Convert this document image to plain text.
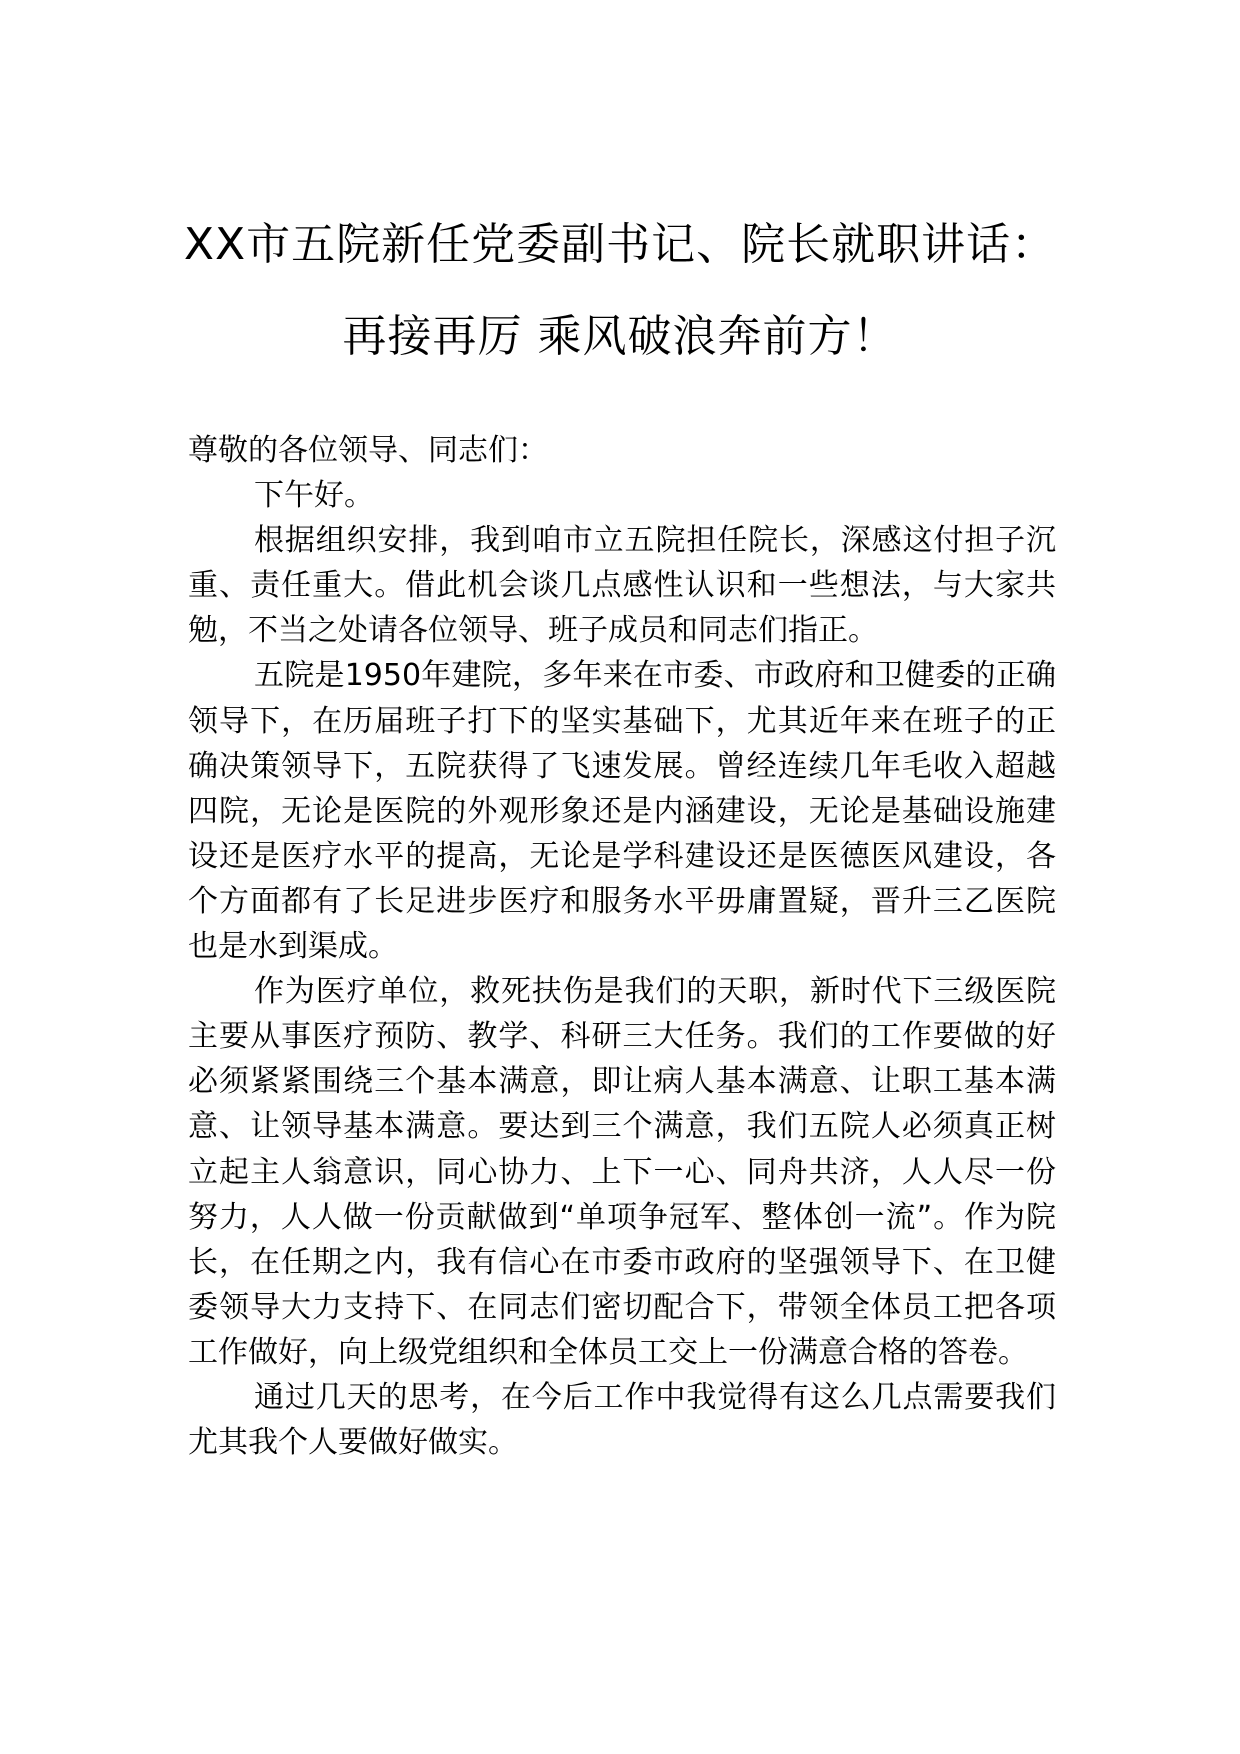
XX市五院新任党委副书记、院长就职讲话：
再接再厉 乘风破浪奔前方！

尊敬的各位领导、同志们：

下午好。

根据组织安排，我到咱市立五院担任院长，深感这付担子沉重、责任重大。借此机会谈几点感性认识和一些想法，与大家共勉，不当之处请各位领导、班子成员和同志们指正。

五院是1950年建院，多年来在市委、市政府和卫健委的正确领导下，在历届班子打下的坚实基础下，尤其近年来在班子的正确决策领导下，五院获得了飞速发展。曾经连续几年毛收入超越四院，无论是医院的外观形象还是内涵建设，无论是基础设施建设还是医疗水平的提高，无论是学科建设还是医德医风建设，各个方面都有了长足进步医疗和服务水平毋庸置疑，晋升三乙医院也是水到渠成。

作为医疗单位，救死扶伤是我们的天职，新时代下三级医院主要从事医疗预防、教学、科研三大任务。我们的工作要做的好必须紧紧围绕三个基本满意，即让病人基本满意、让职工基本满意、让领导基本满意。要达到三个满意，我们五院人必须真正树立起主人翁意识，同心协力、上下一心、同舟共济，人人尽一份努力，人人做一份贡献做到“单项争冠军、整体创一流”。作为院长，在任期之内，我有信心在市委市政府的坚强领导下、在卫健委领导大力支持下、在同志们密切配合下，带领全体员工把各项工作做好，向上级党组织和全体员工交上一份满意合格的答卷。

通过几天的思考，在今后工作中我觉得有这么几点需要我们尤其我个人要做好做实。
